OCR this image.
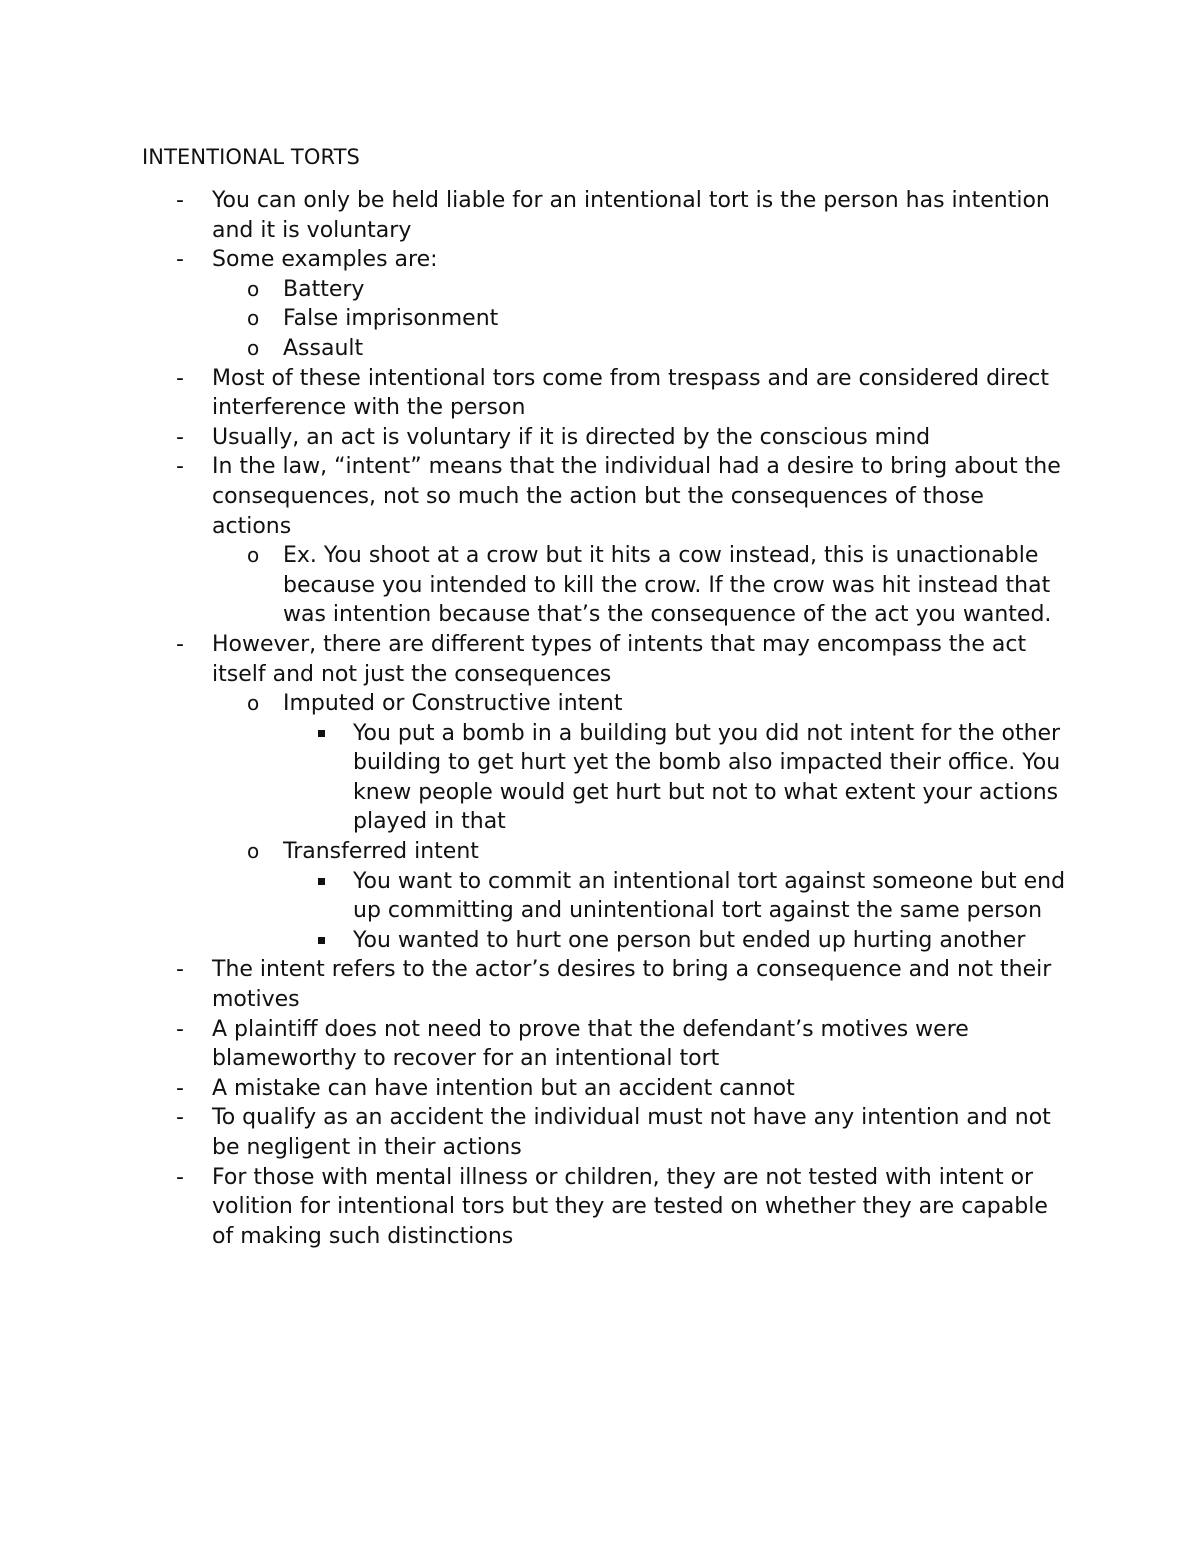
INTENTIONAL TORTS
- You can only be held liable for an intentional tort is the person has intention and it is voluntary
- Some examples are:
o Battery
o False imprisonment
o Assault
- Most of these intentional tors come from trespass and are considered direct interference with the person
- Usually, an act is voluntary if it is directed by the conscious mind
- In the law, “intent” means that the individual had a desire to bring about the consequences, not so much the action but the consequences of those actions
o Ex. You shoot at a crow but it hits a cow instead, this is unactionable because you intended to kill the crow. If the crow was hit instead that was intention because that’s the consequence of the act you wanted.
- However, there are different types of intents that may encompass the act itself and not just the consequences
o Imputed or Constructive intent
You put a bomb in a building but you did not intent for the other building to get hurt yet the bomb also impacted their office. You knew people would get hurt but not to what extent your actions played in that
o Transferred intent
You want to commit an intentional tort against someone but end up committing and unintentional tort against the same person
You wanted to hurt one person but ended up hurting another
- The intent refers to the actor’s desires to bring a consequence and not their motives
- A plaintiff does not need to prove that the defendant’s motives were blameworthy to recover for an intentional tort
- A mistake can have intention but an accident cannot
- To qualify as an accident the individual must not have any intention and not be negligent in their actions
- For those with mental illness or children, they are not tested with intent or volition for intentional tors but they are tested on whether they are capable of making such distinctions
